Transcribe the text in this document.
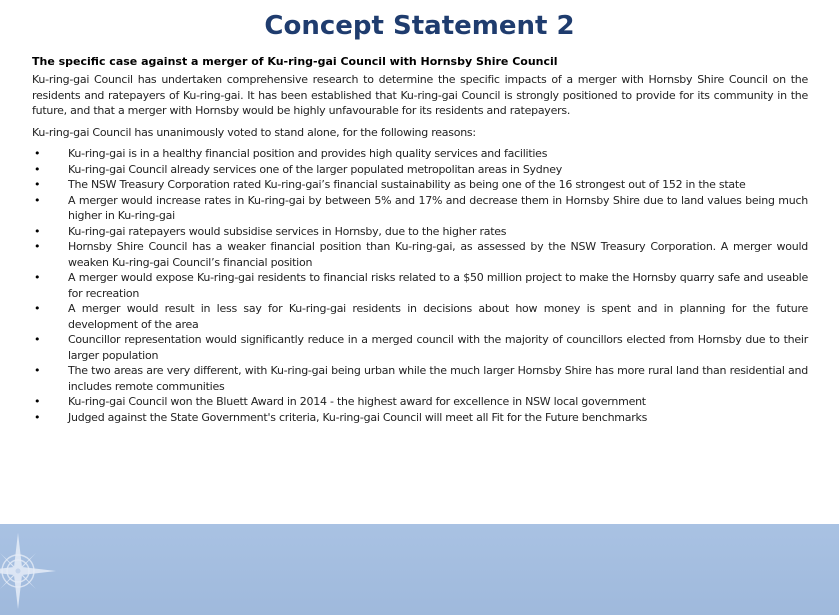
Concept Statement 2
The specific case against a merger of Ku-ring-gai Council with Hornsby Shire Council

Ku-ring-gai Council has undertaken comprehensive research to determine the specific impacts of a merger with Hornsby Shire Council on the residents and ratepayers of Ku-ring-gai. It has been established that Ku-ring-gai Council is strongly positioned to provide for its community in the future, and that a merger with Hornsby would be highly unfavourable for its residents and ratepayers.

Ku-ring-gai Council has unanimously voted to stand alone, for the following reasons:

•	Ku-ring-gai is in a healthy financial position and provides high quality services and facilities
•	Ku-ring-gai Council already services one of the larger populated metropolitan areas in Sydney
•	The NSW Treasury Corporation rated Ku-ring-gai’s financial sustainability as being one of the 16 strongest out of 152 in the state
•	A merger would increase rates in Ku-ring-gai by between 5% and 17% and decrease them in Hornsby Shire due to land values being much higher in Ku-ring-gai
•	Ku-ring-gai ratepayers would subsidise services in Hornsby, due to the higher rates
•	Hornsby Shire Council has a weaker financial position than Ku-ring-gai, as assessed by the NSW Treasury Corporation. A merger would weaken Ku-ring-gai Council’s financial position
•	A merger would expose Ku-ring-gai residents to financial risks related to a $50 million project to make the Hornsby quarry safe and useable for recreation
•	A merger would result in less say for Ku-ring-gai residents in decisions about how money is spent and in planning for the future development of the area
•	Councillor representation would significantly reduce in a merged council with the majority of councillors elected from Hornsby due to their larger population
•	The two areas are very different, with Ku-ring-gai being urban while the much larger Hornsby Shire has more rural land than residential and includes remote communities
•	Ku-ring-gai Council won the Bluett Award in 2014 - the highest award for excellence in NSW local government
•	Judged against the State Government's criteria, Ku-ring-gai Council will meet all Fit for the Future benchmarks
